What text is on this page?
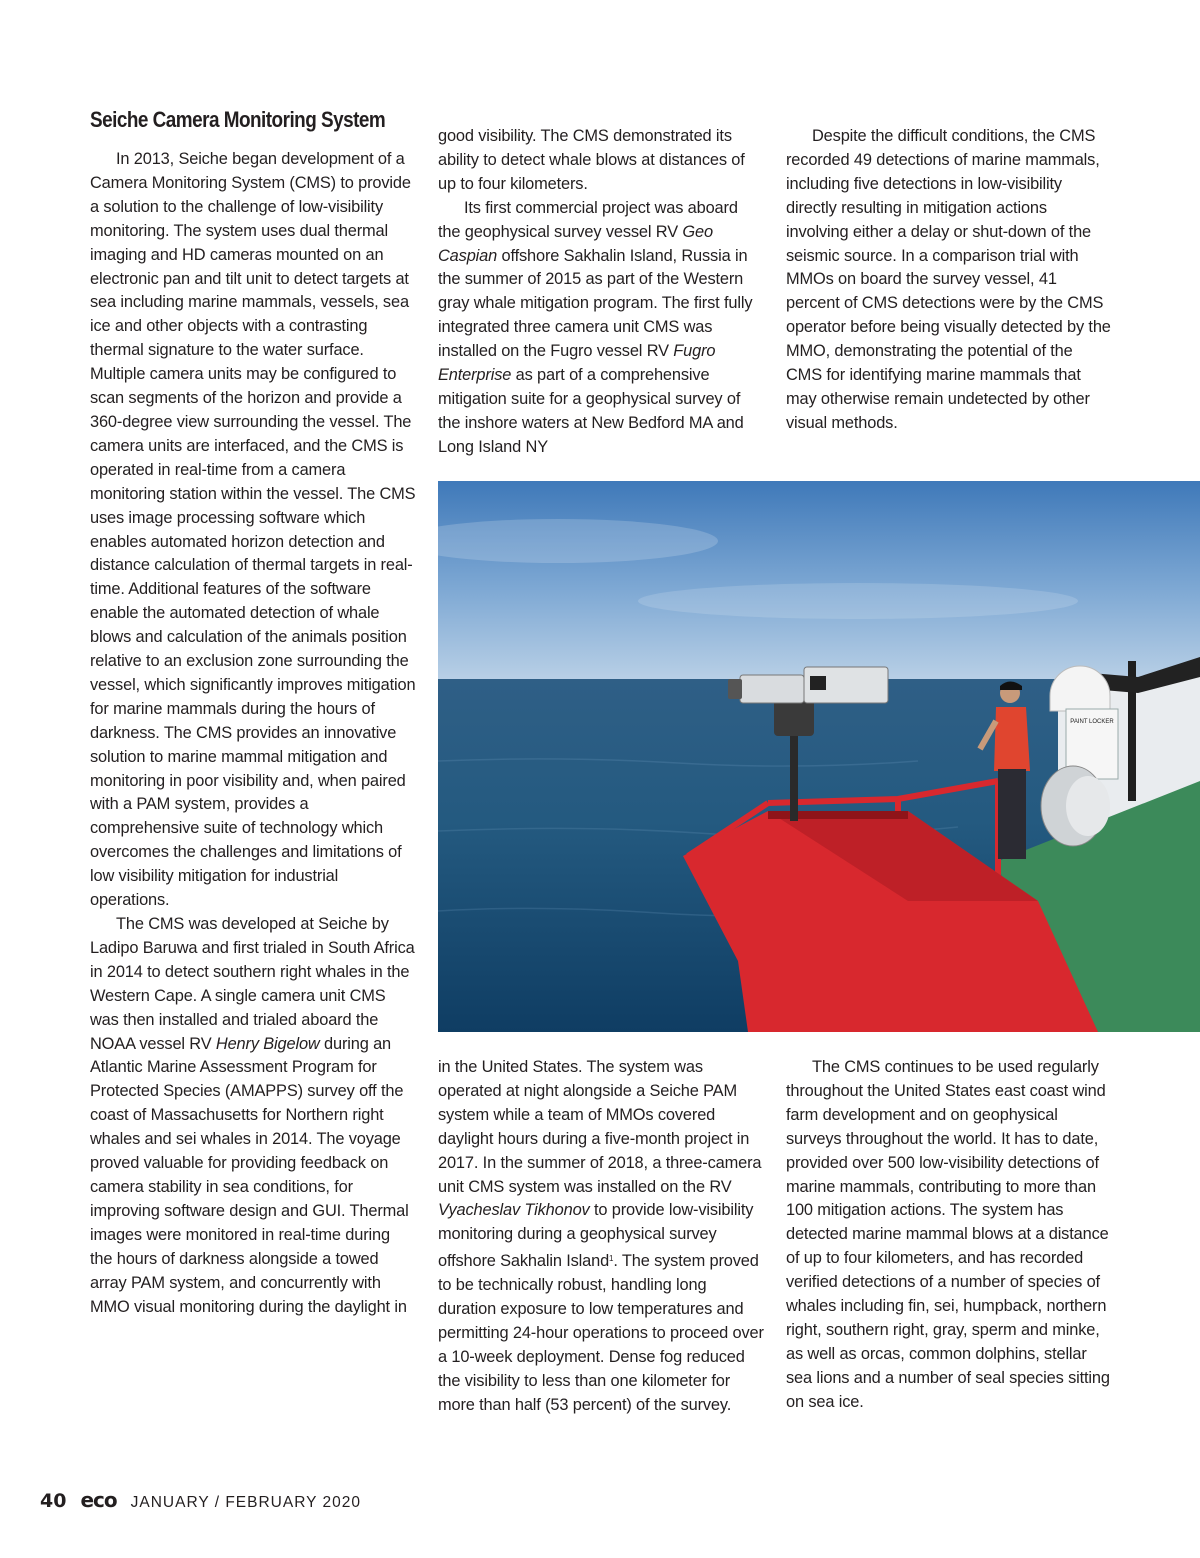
Seiche Camera Monitoring System

In 2013, Seiche began development of a Camera Monitoring System (CMS) to provide a solution to the challenge of low-visibility monitoring. The system uses dual thermal imaging and HD cameras mounted on an electronic pan and tilt unit to detect targets at sea including marine mammals, vessels, sea ice and other objects with a contrasting thermal signature to the water surface. Multiple camera units may be configured to scan segments of the horizon and provide a 360-degree view surrounding the vessel. The camera units are interfaced, and the CMS is operated in real-time from a camera monitoring station within the vessel. The CMS uses image processing software which enables automated horizon detection and distance calculation of thermal targets in real-time. Additional features of the software enable the automated detection of whale blows and calculation of the animals position relative to an exclusion zone surrounding the vessel, which significantly improves mitigation for marine mammals during the hours of darkness. The CMS provides an innovative solution to marine mammal mitigation and monitoring in poor visibility and, when paired with a PAM system, provides a comprehensive suite of technology which overcomes the challenges and limitations of low visibility mitigation for industrial operations.

The CMS was developed at Seiche by Ladipo Baruwa and first trialed in South Africa in 2014 to detect southern right whales in the Western Cape. A single camera unit CMS was then installed and trialed aboard the NOAA vessel RV Henry Bigelow during an Atlantic Marine Assessment Program for Protected Species (AMAPPS) survey off the coast of Massachusetts for Northern right whales and sei whales in 2014. The voyage proved valuable for providing feedback on camera stability in sea conditions, for improving software design and GUI. Thermal images were monitored in real-time during the hours of darkness alongside a towed array PAM system, and concurrently with MMO visual monitoring during the daylight in

good visibility. The CMS demonstrated its ability to detect whale blows at distances of up to four kilometers.

Its first commercial project was aboard the geophysical survey vessel RV Geo Caspian offshore Sakhalin Island, Russia in the summer of 2015 as part of the Western gray whale mitigation program. The first fully integrated three camera unit CMS was installed on the Fugro vessel RV Fugro Enterprise as part of a comprehensive mitigation suite for a geophysical survey of the inshore waters at New Bedford MA and Long Island NY

Despite the difficult conditions, the CMS recorded 49 detections of marine mammals, including five detections in low-visibility directly resulting in mitigation actions involving either a delay or shut-down of the seismic source. In a comparison trial with MMOs on board the survey vessel, 41 percent of CMS detections were by the CMS operator before being visually detected by the MMO, demonstrating the potential of the CMS for identifying marine mammals that may otherwise remain undetected by other visual methods.

PAINT LOCKER

in the United States. The system was operated at night alongside a Seiche PAM system while a team of MMOs covered daylight hours during a five-month project in 2017. In the summer of 2018, a three-camera unit CMS system was installed on the RV Vyacheslav Tikhonov to provide low-visibility monitoring during a geophysical survey offshore Sakhalin Island$^1$. The system proved to be technically robust, handling long duration exposure to low temperatures and permitting 24-hour operations to proceed over a 10-week deployment. Dense fog reduced the visibility to less than one kilometer for more than half (53 percent) of the survey.

The CMS continues to be used regularly throughout the United States east coast wind farm development and on geophysical surveys throughout the world. It has to date, provided over 500 low-visibility detections of marine mammals, contributing to more than 100 mitigation actions. The system has detected marine mammal blows at a distance of up to four kilometers, and has recorded verified detections of a number of species of whales including fin, sei, humpback, northern right, southern right, gray, sperm and minke, as well as orcas, common dolphins, stellar sea lions and a number of seal species sitting on sea ice.

40 eco JANUARY / FEBRUARY 2020
